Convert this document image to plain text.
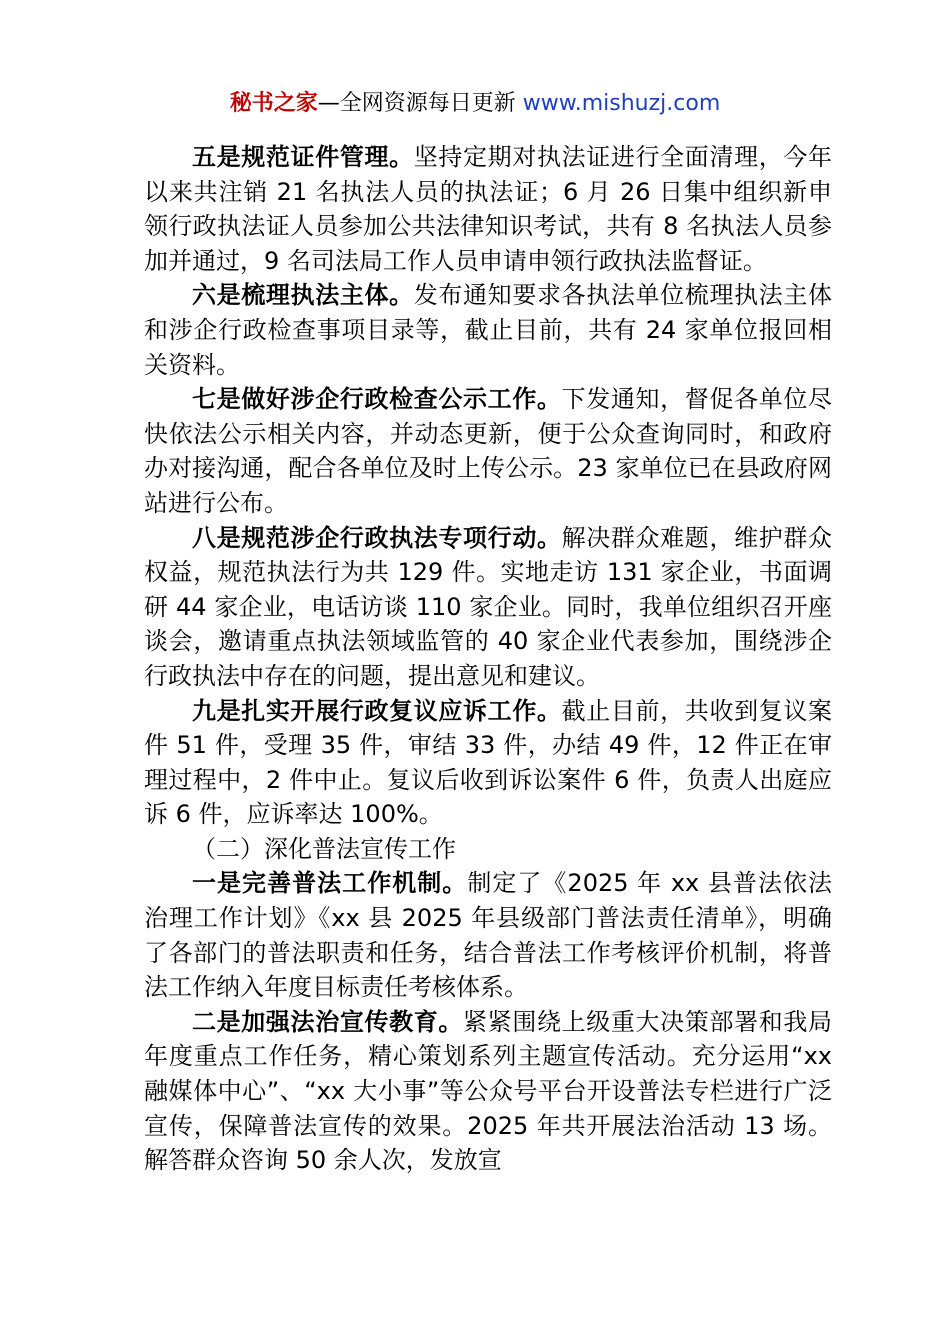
秘书之家—全网资源每日更新 www.mishuzj.com

五是规范证件管理。坚持定期对执法证进行全面清理，今年以来共注销 21 名执法人员的执法证；6 月 26 日集中组织新申领行政执法证人员参加公共法律知识考试，共有 8 名执法人员参加并通过，9 名司法局工作人员申请申领行政执法监督证。

六是梳理执法主体。发布通知要求各执法单位梳理执法主体和涉企行政检查事项目录等，截止目前，共有 24 家单位报回相关资料。

七是做好涉企行政检查公示工作。下发通知，督促各单位尽快依法公示相关内容，并动态更新，便于公众查询同时，和政府办对接沟通，配合各单位及时上传公示。23 家单位已在县政府网站进行公布。

八是规范涉企行政执法专项行动。解决群众难题，维护群众权益，规范执法行为共 129 件。实地走访 131 家企业，书面调研 44 家企业，电话访谈 110 家企业。同时，我单位组织召开座谈会，邀请重点执法领域监管的 40 家企业代表参加，围绕涉企行政执法中存在的问题，提出意见和建议。

九是扎实开展行政复议应诉工作。截止目前，共收到复议案件 51 件，受理 35 件，审结 33 件，办结 49 件，12 件正在审理过程中，2 件中止。复议后收到诉讼案件 6 件，负责人出庭应诉 6 件，应诉率达 100%。

（二）深化普法宣传工作

一是完善普法工作机制。制定了《2025 年 xx 县普法依法治理工作计划》《xx 县 2025 年县级部门普法责任清单》，明确了各部门的普法职责和任务，结合普法工作考核评价机制，将普法工作纳入年度目标责任考核体系。

二是加强法治宣传教育。紧紧围绕上级重大决策部署和我局年度重点工作任务，精心策划系列主题宣传活动。充分运用“xx 融媒体中心”、“xx 大小事”等公众号平台开设普法专栏进行广泛宣传，保障普法宣传的效果。2025 年共开展法治活动 13 场。解答群众咨询 50 余人次，发放宣
